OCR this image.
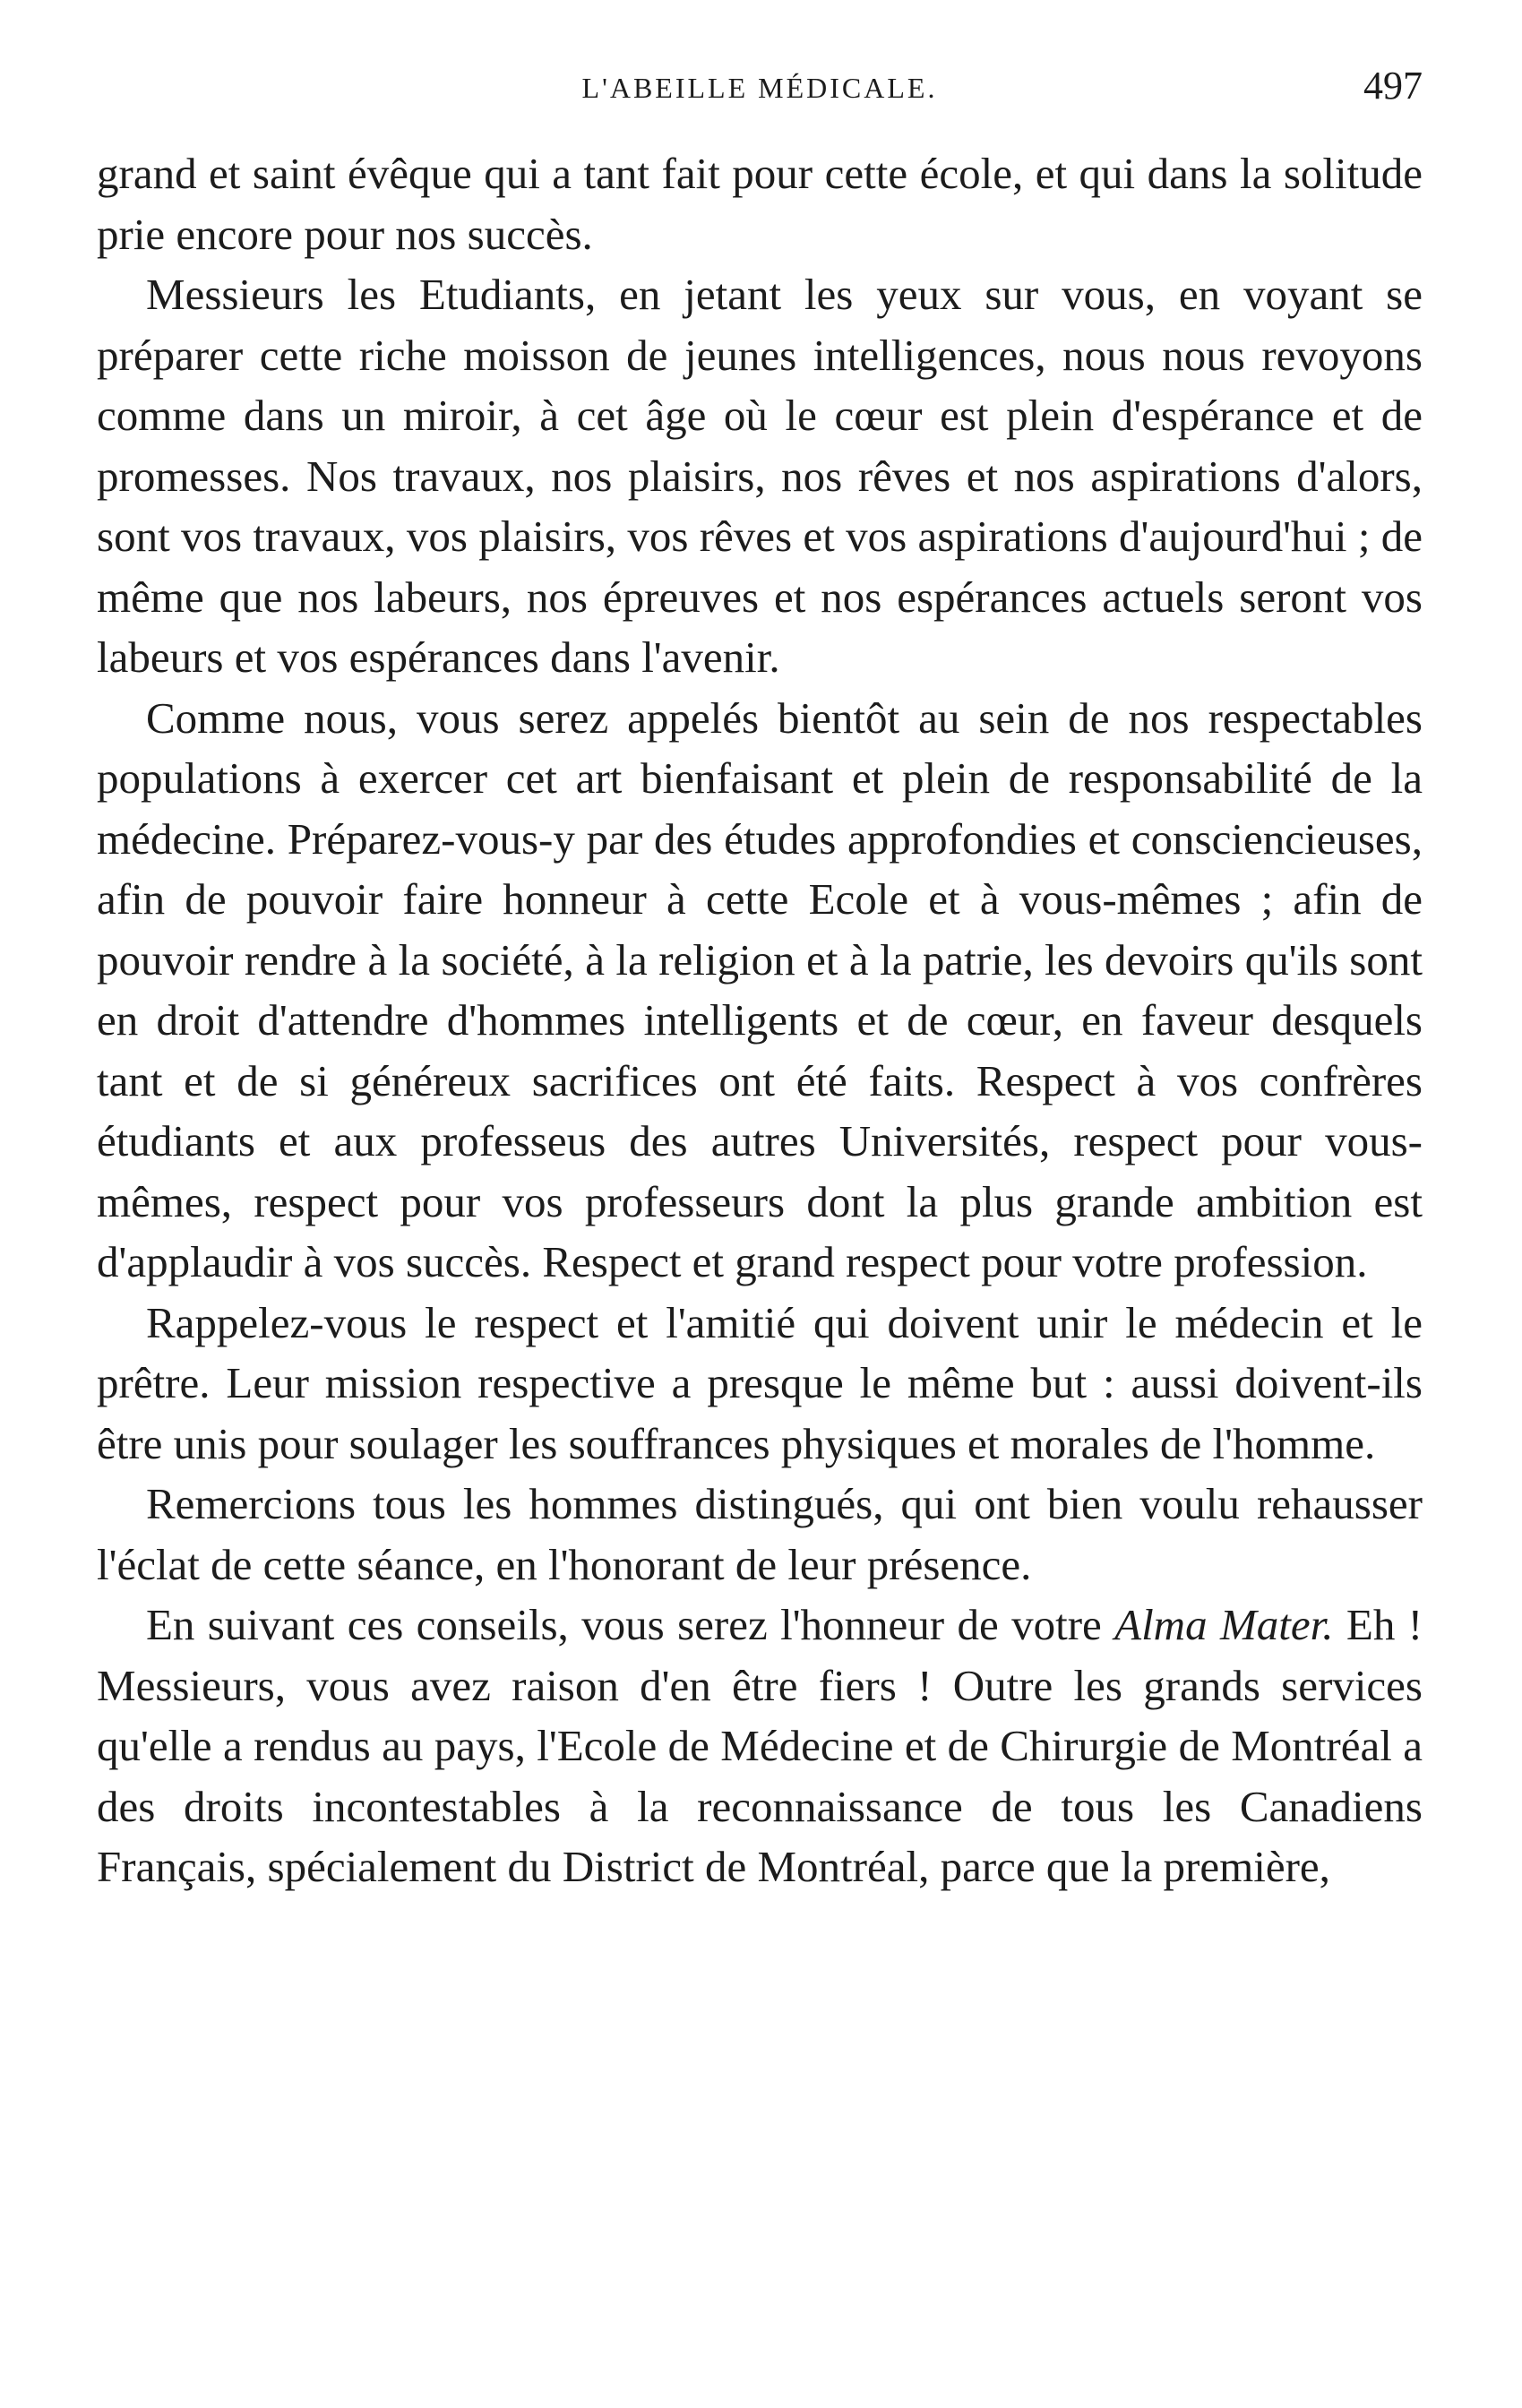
L'ABEILLE MÉDICALE.	497

grand et saint évêque qui a tant fait pour cette école, et qui dans la solitude prie encore pour nos succès.

Messieurs les Etudiants, en jetant les yeux sur vous, en voyant se préparer cette riche moisson de jeunes intelligences, nous nous revoyons comme dans un miroir, à cet âge où le cœur est plein d'espérance et de promesses. Nos travaux, nos plaisirs, nos rêves et nos aspirations d'alors, sont vos travaux, vos plaisirs, vos rêves et vos aspirations d'aujourd'hui ; de même que nos labeurs, nos épreuves et nos espérances actuels seront vos labeurs et vos espérances dans l'avenir.

Comme nous, vous serez appelés bientôt au sein de nos respectables populations à exercer cet art bienfaisant et plein de responsabilité de la médecine. Préparez-vous-y par des études approfondies et consciencieuses, afin de pouvoir faire honneur à cette Ecole et à vous-mêmes ; afin de pouvoir rendre à la société, à la religion et à la patrie, les devoirs qu'ils sont en droit d'attendre d'hommes intelligents et de cœur, en faveur desquels tant et de si généreux sacrifices ont été faits. Respect à vos confrères étudiants et aux professeus des autres Universités, respect pour vous-mêmes, respect pour vos professeurs dont la plus grande ambition est d'applaudir à vos succès. Respect et grand respect pour votre profession.

Rappelez-vous le respect et l'amitié qui doivent unir le médecin et le prêtre. Leur mission respective a presque le même but : aussi doivent-ils être unis pour soulager les souffrances physiques et morales de l'homme.

Remercions tous les hommes distingués, qui ont bien voulu rehausser l'éclat de cette séance, en l'honorant de leur présence.

En suivant ces conseils, vous serez l'honneur de votre Alma Mater. Eh ! Messieurs, vous avez raison d'en être fiers ! Outre les grands services qu'elle a rendus au pays, l'Ecole de Médecine et de Chirurgie de Montréal a des droits incontestables à la reconnaissance de tous les Canadiens Français, spécialement du District de Montréal, parce que la première,
